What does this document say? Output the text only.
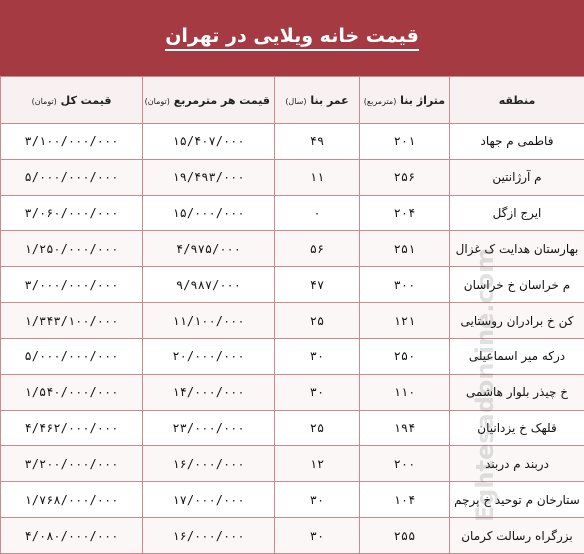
قیمت خانه ویلایی در تهران
منطقه	متراژ بنا (مترمربع)	عمر بنا (سال)	قیمت هر مترمربع (تومان)	قیمت کل (تومان)
فاطمی م جهاد	۲۰۱	۴۹	۱۵/۴۰۷/۰۰۰	۳/۱۰۰/۰۰۰/۰۰۰
م آرژانتین	۲۵۶	۱۱	۱۹/۴۹۳/۰۰۰	۵/۰۰۰/۰۰۰/۰۰۰
ایرج ازگل	۲۰۴	۰	۱۵/۰۰۰/۰۰۰	۳/۰۶۰/۰۰۰/۰۰۰
بهارستان هدایت ک غزال	۲۵۱	۵۶	۴/۹۷۵/۰۰۰	۱/۲۵۰/۰۰۰/۰۰۰
م خراسان خ خراسان	۳۰۰	۴۷	۹/۹۸۷/۰۰۰	۳/۰۰۰/۰۰۰/۰۰۰
کن خ برادران روستایی	۱۲۱	۲۵	۱۱/۱۰۰/۰۰۰	۱/۳۴۳/۱۰۰/۰۰۰
درکه میر اسماعیلی	۲۵۰	۳۰	۲۰/۰۰۰/۰۰۰	۵/۰۰۰/۰۰۰/۰۰۰
خ چیذر بلوار هاشمی	۱۱۰	۳۰	۱۴/۰۰۰/۰۰۰	۱/۵۴۰/۰۰۰/۰۰۰
قلهک خ یزدانیان	۱۹۴	۲۵	۲۳/۰۰۰/۰۰۰	۴/۴۶۲/۰۰۰/۰۰۰
دربند م دربند	۲۰۰	۱۲	۱۶/۰۰۰/۰۰۰	۳/۲۰۰/۰۰۰/۰۰۰
ستارخان م توحید خ پرچم	۱۰۴	۳۰	۱۷/۰۰۰/۰۰۰	۱/۷۶۸/۰۰۰/۰۰۰
بزرگراه رسالت کرمان	۲۵۵	۳۰	۱۶/۰۰۰/۰۰۰	۴/۰۸۰/۰۰۰/۰۰۰
